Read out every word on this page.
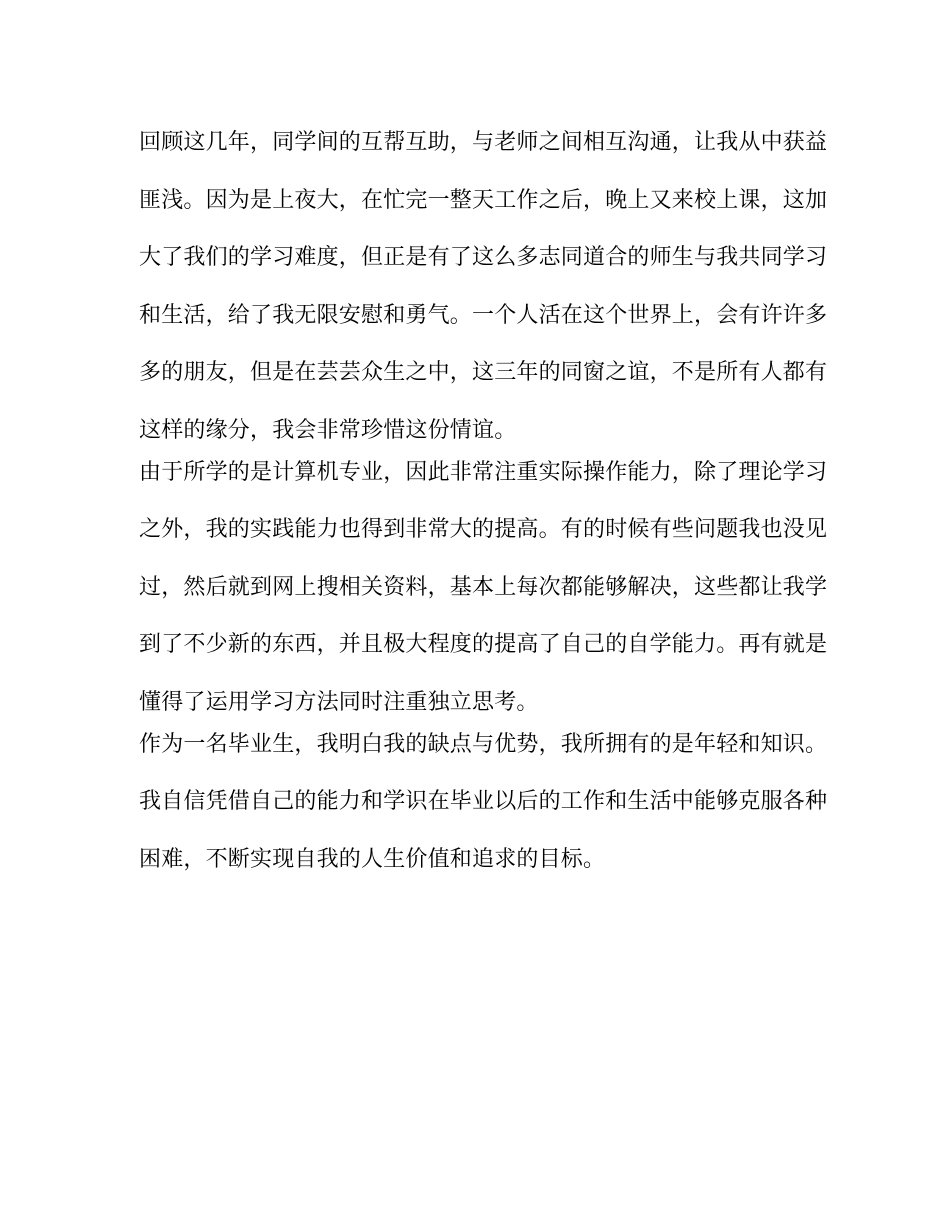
回顾这几年，同学间的互帮互助，与老师之间相互沟通，让我从中获益
匪浅。因为是上夜大，在忙完一整天工作之后，晚上又来校上课，这加
大了我们的学习难度，但正是有了这么多志同道合的师生与我共同学习
和生活，给了我无限安慰和勇气。一个人活在这个世界上，会有许许多
多的朋友，但是在芸芸众生之中，这三年的同窗之谊，不是所有人都有
这样的缘分，我会非常珍惜这份情谊。
由于所学的是计算机专业，因此非常注重实际操作能力，除了理论学习
之外，我的实践能力也得到非常大的提高。有的时候有些问题我也没见
过，然后就到网上搜相关资料，基本上每次都能够解决，这些都让我学
到了不少新的东西，并且极大程度的提高了自己的自学能力。再有就是
懂得了运用学习方法同时注重独立思考。
作为一名毕业生，我明白我的缺点与优势，我所拥有的是年轻和知识。
我自信凭借自己的能力和学识在毕业以后的工作和生活中能够克服各种
困难，不断实现自我的人生价值和追求的目标。
